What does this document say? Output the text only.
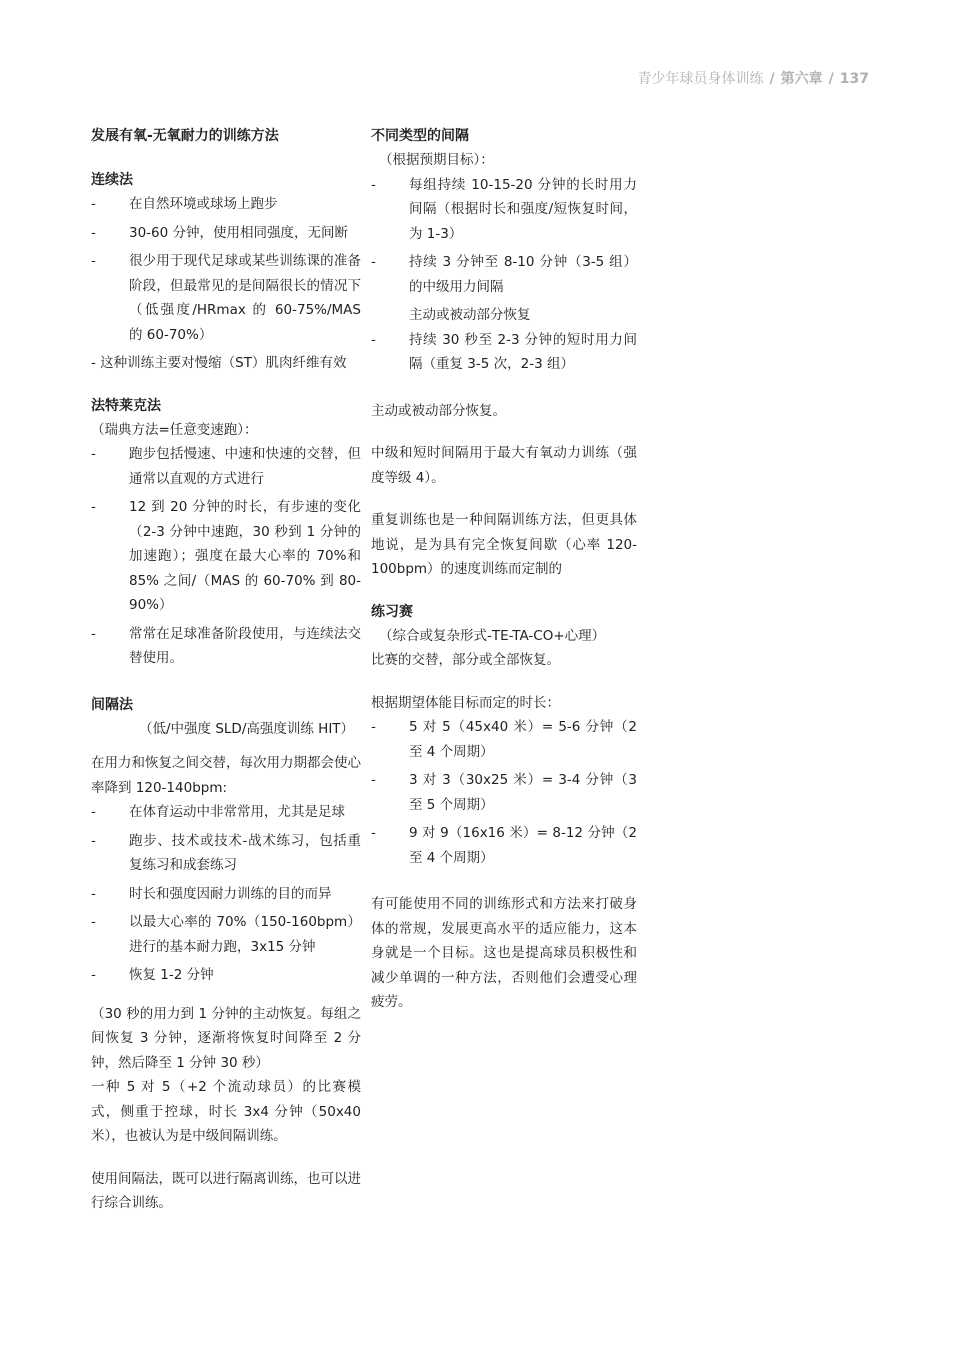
青少年球员身体训练 / 第六章 / 137

发展有氧-无氧耐力的训练方法

连续法

-	在自然环境或球场上跑步
-	30-60 分钟，使用相同强度，无间断
-	很少用于现代足球或某些训练课的准备阶段，但最常见的是间隔很长的情况下（低强度/HRmax 的 60-75%/MAS 的 60-70%）

- 这种训练主要对慢缩（ST）肌肉纤维有效

法特莱克法

（瑞典方法=任意变速跑）：

-	跑步包括慢速、中速和快速的交替，但通常以直观的方式进行
-	12 到 20 分钟的时长，有步速的变化（2-3 分钟中速跑，30 秒到 1 分钟的加速跑）；强度在最大心率的 70%和 85% 之间/（MAS 的 60-70% 到 80-90%）
-	常常在足球准备阶段使用，与连续法交替使用。

间隔法

（低/中强度 SLD/高强度训练 HIT）

在用力和恢复之间交替，每次用力期都会使心率降到 120-140bpm:

-	在体育运动中非常常用，尤其是足球
-	跑步、技术或技术-战术练习，包括重复练习和成套练习
-	时长和强度因耐力训练的目的而异
-	以最大心率的 70%（150-160bpm）进行的基本耐力跑，3x15 分钟
-	恢复 1-2 分钟

（30 秒的用力到 1 分钟的主动恢复。每组之间恢复 3 分钟，逐渐将恢复时间降至 2 分钟，然后降至 1 分钟 30 秒）

一种 5 对 5（+2 个流动球员）的比赛模式，侧重于控球，时长 3x4 分钟（50x40 米），也被认为是中级间隔训练。

使用间隔法，既可以进行隔离训练，也可以进行综合训练。

不同类型的间隔

（根据预期目标）：

-	每组持续 10-15-20 分钟的长时用力间隔（根据时长和强度/短恢复时间，为 1-3）
-	持续 3 分钟至 8-10 分钟（3-5 组）的中级用力间隔

主动或被动部分恢复

-	持续 30 秒至 2-3 分钟的短时用力间隔（重复 3-5 次，2-3 组）

主动或被动部分恢复。

中级和短时间隔用于最大有氧动力训练（强度等级 4）。

重复训练也是一种间隔训练方法，但更具体地说，是为具有完全恢复间歇（心率 120-100bpm）的速度训练而定制的

练习赛

（综合或复杂形式-TE-TA-CO+心理）

比赛的交替，部分或全部恢复。

根据期望体能目标而定的时长：

-	5 对 5（45x40 米）= 5-6 分钟（2 至 4 个周期）
-	3 对 3（30x25 米）= 3-4 分钟（3 至 5 个周期）
-	9 对 9（16x16 米）= 8-12 分钟（2 至 4 个周期）

有可能使用不同的训练形式和方法来打破身体的常规，发展更高水平的适应能力，这本身就是一个目标。这也是提高球员积极性和减少单调的一种方法，否则他们会遭受心理疲劳。
